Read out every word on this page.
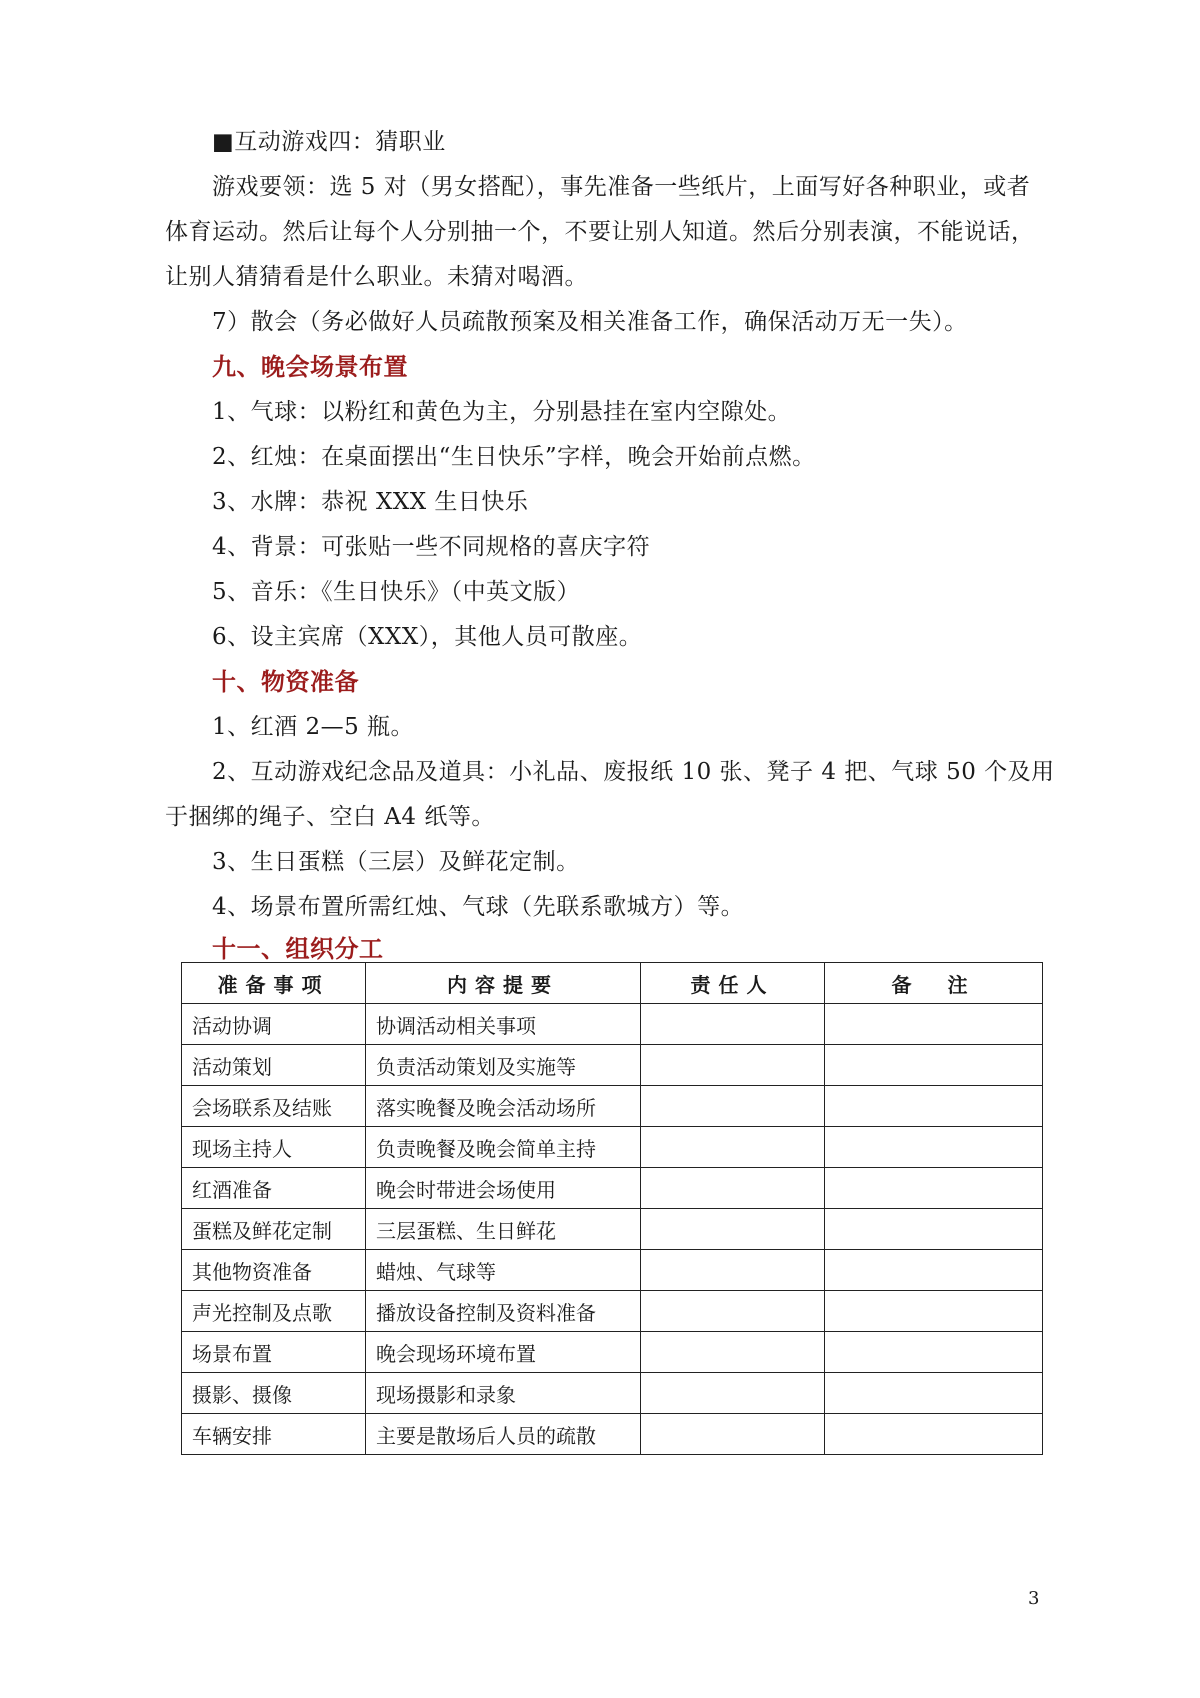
■互动游戏四：猜职业
游戏要领：选 5 对（男女搭配），事先准备一些纸片，上面写好各种职业，或者
体育运动。然后让每个人分别抽一个，不要让别人知道。然后分别表演，不能说话，
让别人猜猜看是什么职业。未猜对喝酒。
7）散会（务必做好人员疏散预案及相关准备工作，确保活动万无一失）。
九、晚会场景布置
1、气球：以粉红和黄色为主，分别悬挂在室内空隙处。
2、红烛：在桌面摆出“生日快乐”字样，晚会开始前点燃。
3、水牌：恭祝 XXX 生日快乐
4、背景：可张贴一些不同规格的喜庆字符
5、音乐：《生日快乐》（中英文版）
6、设主宾席（XXX），其他人员可散座。
十、物资准备
1、红酒 2—5 瓶。
2、互动游戏纪念品及道具：小礼品、废报纸 10 张、凳子 4 把、气球 50 个及用
于捆绑的绳子、空白 A4 纸等。
3、生日蛋糕（三层）及鲜花定制。
4、场景布置所需红烛、气球（先联系歌城方）等。
十一、组织分工
准备事项	内容提要	责任人	备　注
活动协调	协调活动相关事项		
活动策划	负责活动策划及实施等		
会场联系及结账	落实晚餐及晚会活动场所		
现场主持人	负责晚餐及晚会简单主持		
红酒准备	晚会时带进会场使用		
蛋糕及鲜花定制	三层蛋糕、生日鲜花		
其他物资准备	蜡烛、气球等		
声光控制及点歌	播放设备控制及资料准备		
场景布置	晚会现场环境布置		
摄影、摄像	现场摄影和录象		
车辆安排	主要是散场后人员的疏散		
3
